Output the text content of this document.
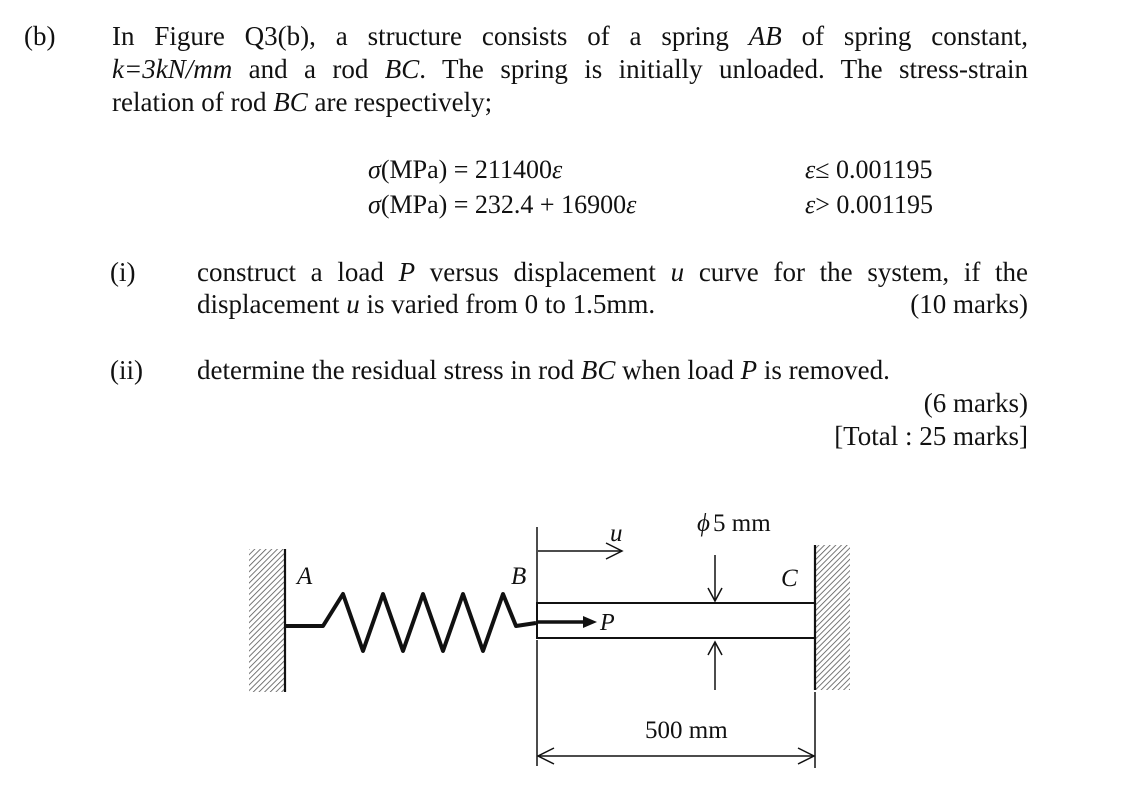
(b) In Figure Q3(b), a structure consists of a spring AB of spring constant,
k=3kN/mm and a rod BC. The spring is initially unloaded. The stress-strain
relation of rod BC are respectively;
σ(MPa) = 211400ε	ε≤ 0.001195
σ(MPa) = 232.4 + 16900ε	ε> 0.001195
(i) construct a load P versus displacement u curve for the system, if the
displacement u is varied from 0 to 1.5mm.	(10 marks)
(ii) determine the residual stress in rod BC when load P is removed.
(6 marks)
[Total : 25 marks]
A	B	C
u
P
ϕ 5 mm
500 mm
